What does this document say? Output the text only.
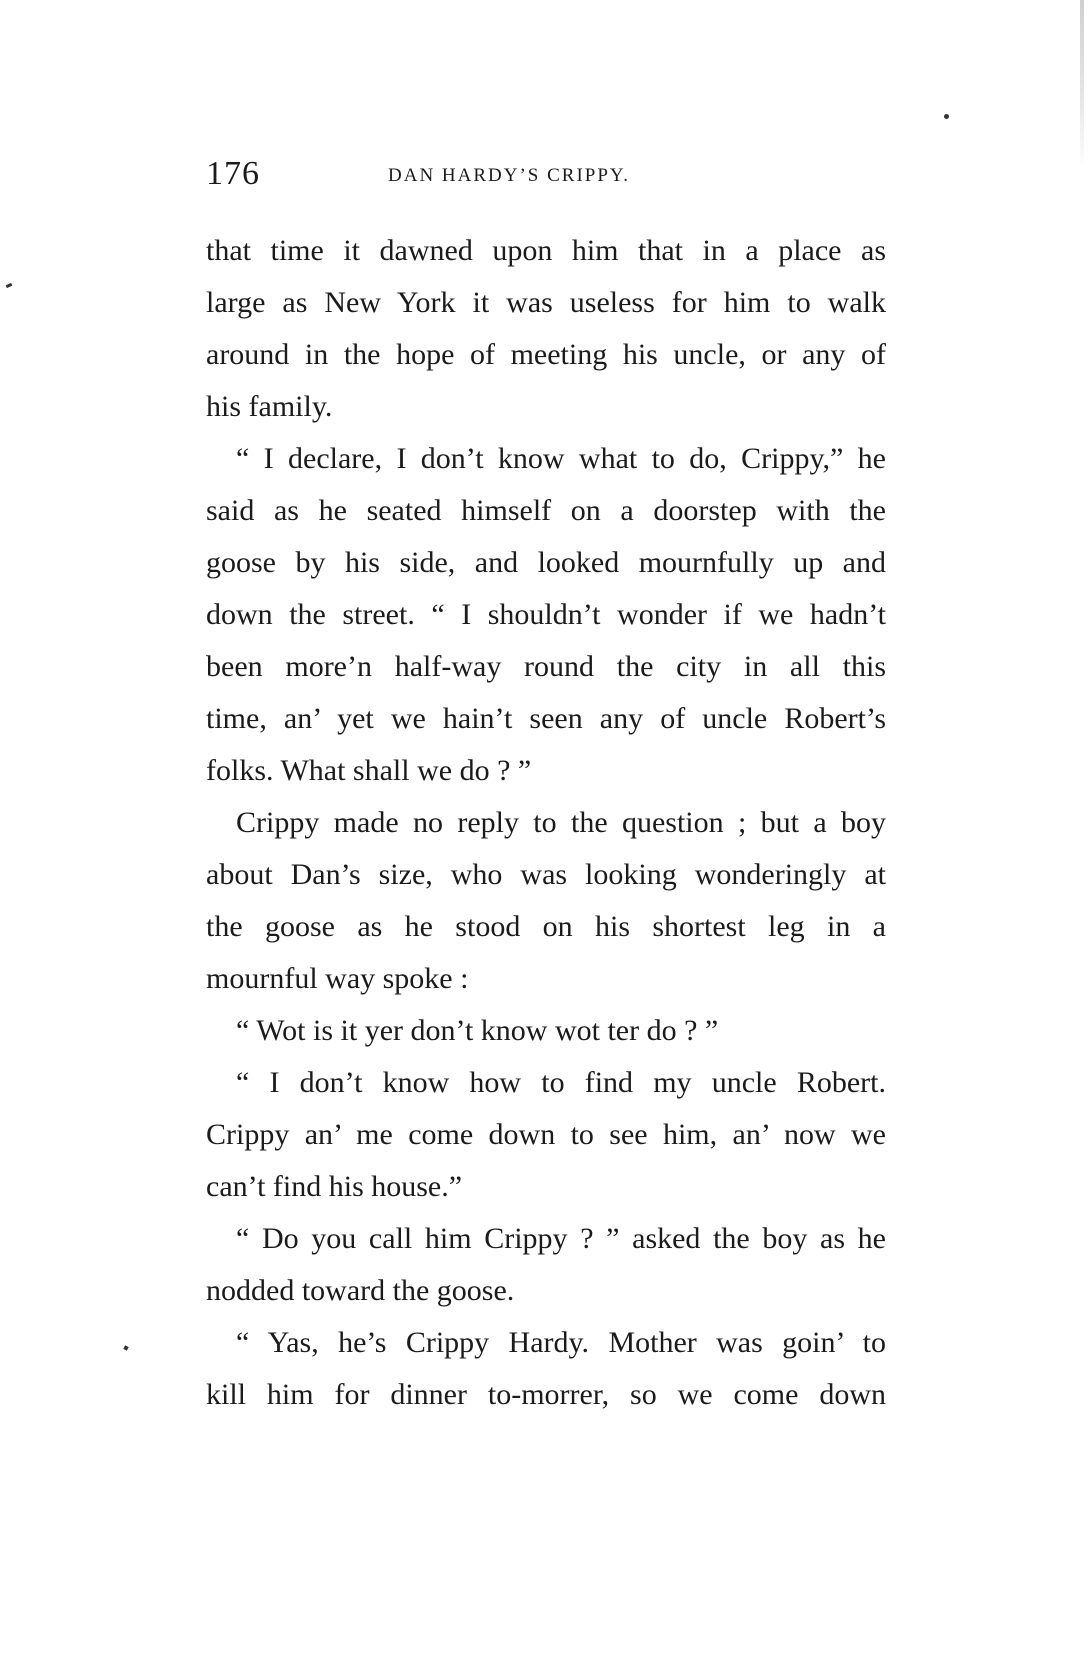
176	DAN HARDY’S CRIPPY.
that time it dawned upon him that in a place as
large as New York it was useless for him to walk
around in the hope of meeting his uncle, or any of
his family.
“ I declare, I don’t know what to do, Crippy,” he
said as he seated himself on a doorstep with the
goose by his side, and looked mournfully up and
down the street. “ I shouldn’t wonder if we hadn’t
been more’n half-way round the city in all this
time, an’ yet we hain’t seen any of uncle Robert’s
folks. What shall we do ? ”
Crippy made no reply to the question ; but a boy
about Dan’s size, who was looking wonderingly at
the goose as he stood on his shortest leg in a
mournful way spoke :
“ Wot is it yer don’t know wot ter do ? ”
“ I don’t know how to find my uncle Robert.
Crippy an’ me come down to see him, an’ now we
can’t find his house.”
“ Do you call him Crippy ? ” asked the boy as he
nodded toward the goose.
“ Yas, he’s Crippy Hardy. Mother was goin’ to
kill him for dinner to-morrer, so we come down
